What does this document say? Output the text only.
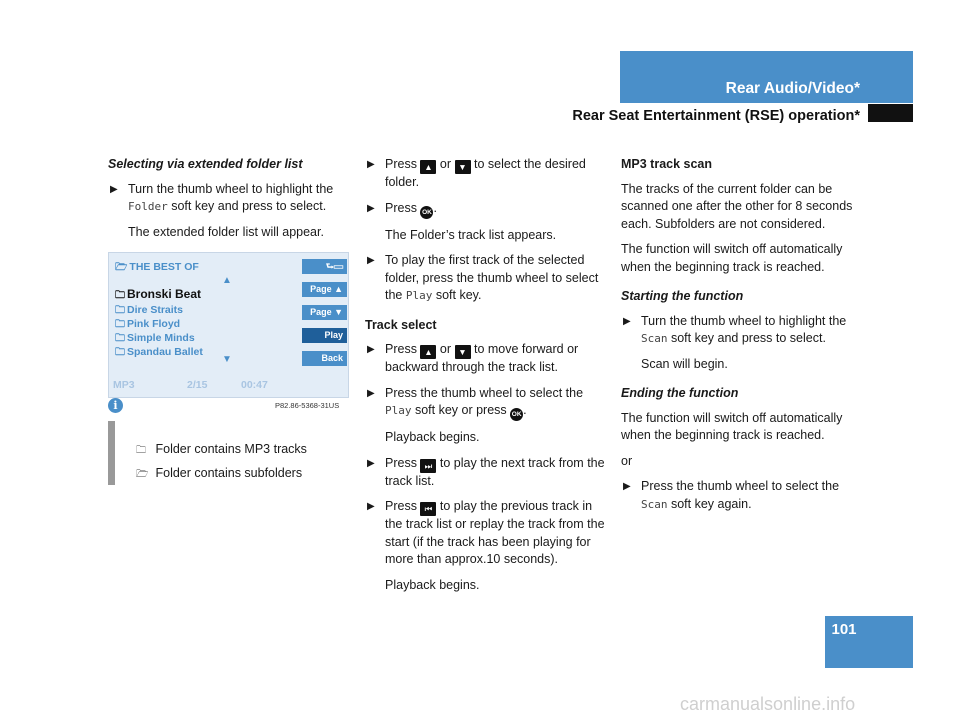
Rear Audio/Video*
Rear Seat Entertainment (RSE) operation*
Selecting via extended folder list
▶ Turn the thumb wheel to highlight the
Folder soft key and press to select.
The extended folder list will appear.
🗁 THE BEST OF
▲
🗀 Bronski Beat
🗀 Dire Straits
🗀 Pink Floyd
🗀 Simple Minds
🗀 Spandau Ballet
▼
⮑▭
Page ▲
Page ▼
Play
Back
MP3	2/15	00:47
P82.86-5368-31US
i
🗀 Folder contains MP3 tracks
🗁 Folder contains subfolders
▶ Press ▲ or ▼ to select the desired folder.
▶ Press OK .
The Folder’s track list appears.
▶ To play the first track of the selected folder, press the thumb wheel to select the Play soft key.
Track select
▶ Press ▲ or ▼ to move forward or backward through the track list.
▶ Press the thumb wheel to select the Play soft key or press OK .
Playback begins.
▶ Press ⏭ to play the next track from the track list.
▶ Press ⏮ to play the previous track in the track list or replay the track from the start (if the track has been playing for more than approx.10 seconds).
Playback begins.
MP3 track scan
The tracks of the current folder can be scanned one after the other for 8 seconds each. Subfolders are not considered.
The function will switch off automatically when the beginning track is reached.
Starting the function
▶ Turn the thumb wheel to highlight the
Scan soft key and press to select.
Scan will begin.
Ending the function
The function will switch off automatically when the beginning track is reached.
or
▶ Press the thumb wheel to select the
Scan soft key again.
101
carmanualsonline.info
